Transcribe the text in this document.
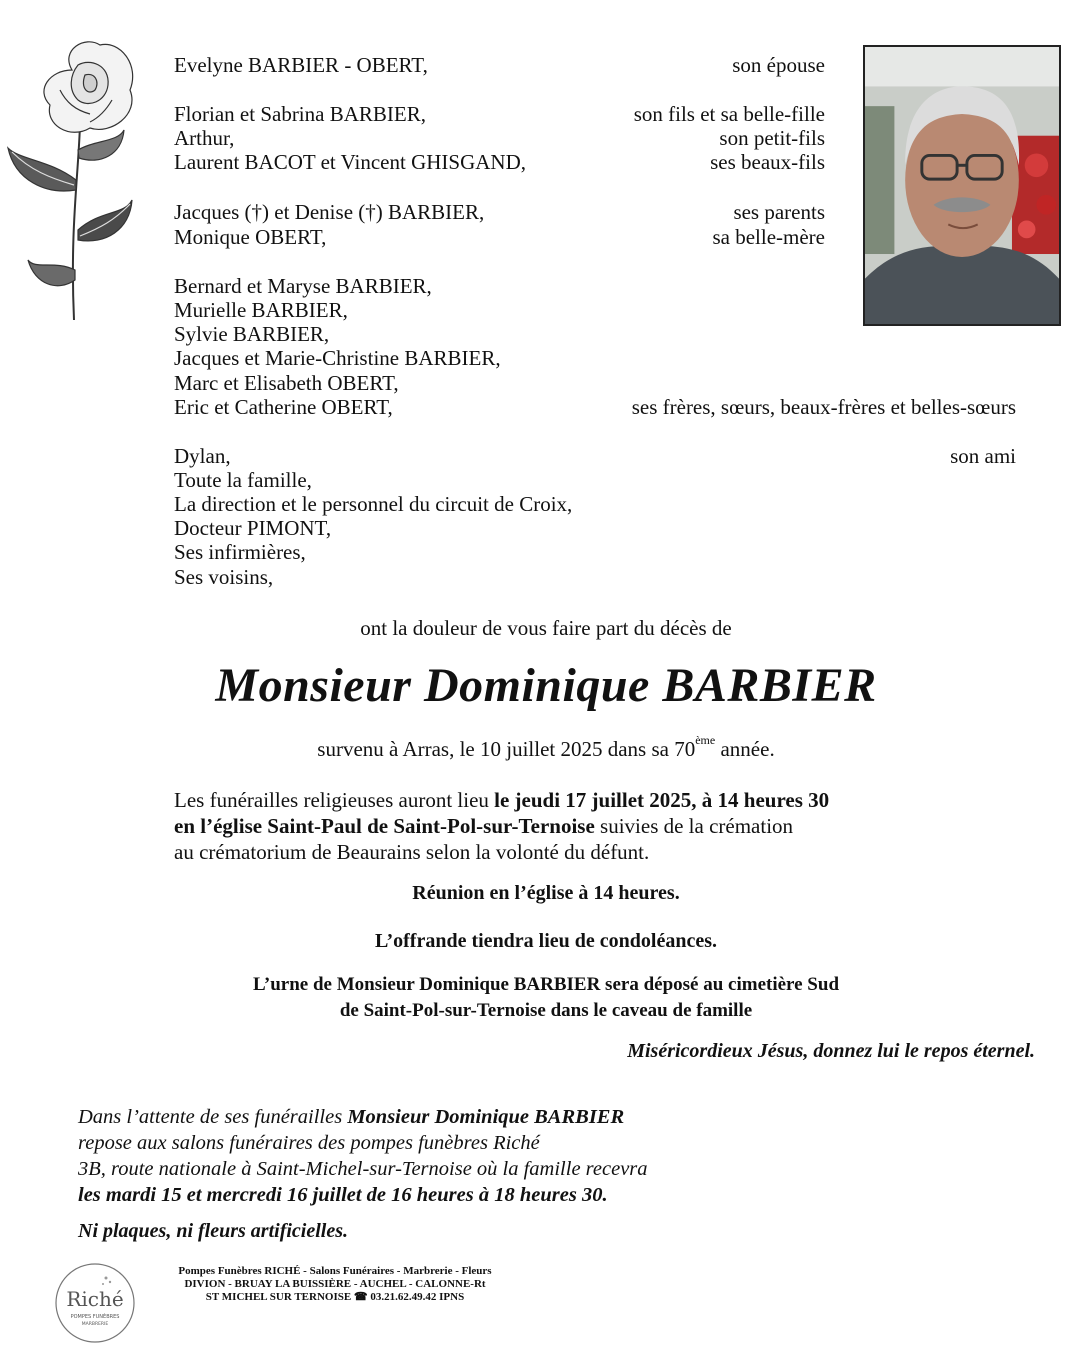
Evelyne BARBIER - OBERT,	son épouse
Florian et Sabrina BARBIER,	son fils et sa belle-fille
Arthur,	son petit-fils
Laurent BACOT et Vincent GHISGAND,	ses beaux-fils
Jacques (†) et Denise (†) BARBIER,	ses parents
Monique OBERT,	sa belle-mère
Bernard et Maryse BARBIER,
Murielle BARBIER,
Sylvie BARBIER,
Jacques et Marie-Christine BARBIER,
Marc et Elisabeth OBERT,
Eric et Catherine OBERT,	ses frères, sœurs, beaux-frères et belles-sœurs
Dylan,	son ami
Toute la famille,
La direction et le personnel du circuit de Croix,
Docteur PIMONT,
Ses infirmières,
Ses voisins,
ont la douleur de vous faire part du décès de
Monsieur Dominique BARBIER
survenu à Arras, le 10 juillet 2025 dans sa 70ème année.
Les funérailles religieuses auront lieu le jeudi 17 juillet 2025, à 14 heures 30
en l’église Saint-Paul de Saint-Pol-sur-Ternoise suivies de la crémation
au crématorium de Beaurains selon la volonté du défunt.
Réunion en l’église à 14 heures.
L’offrande tiendra lieu de condoléances.
L’urne de Monsieur Dominique BARBIER sera déposé au cimetière Sud
de Saint-Pol-sur-Ternoise dans le caveau de famille
Miséricordieux Jésus, donnez lui le repos éternel.
Dans l’attente de ses funérailles Monsieur Dominique BARBIER
repose aux salons funéraires des pompes funèbres Riché
3B, route nationale à Saint-Michel-sur-Ternoise où la famille recevra
les mardi 15 et mercredi 16 juillet de 16 heures à 18 heures 30.
Ni plaques, ni fleurs artificielles.
Riché
POMPES FUNÈBRES
MARBRERIE
Pompes Funèbres RICHÉ - Salons Funéraires - Marbrerie - Fleurs
DIVION - BRUAY LA BUISSIÈRE - AUCHEL - CALONNE-Rt
ST MICHEL SUR TERNOISE ☎ 03.21.62.49.42 IPNS
